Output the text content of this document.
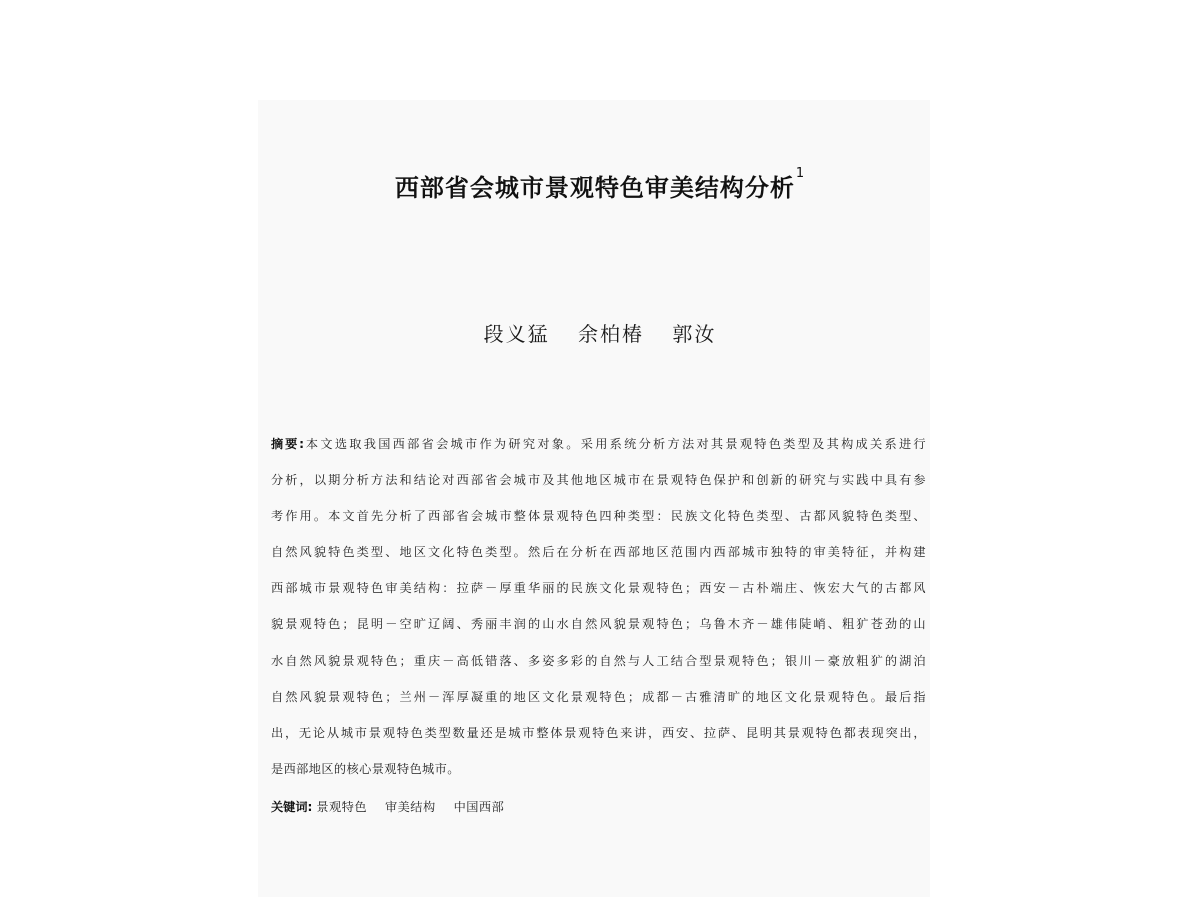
西部省会城市景观特色审美结构分析$^1$
段义猛 余柏椿 郭汝
摘要:本文选取我国西部省会城市作为研究对象。采用系统分析方法对其景观特色类型及其构成关系进行
分析，以期分析方法和结论对西部省会城市及其他地区城市在景观特色保护和创新的研究与实践中具有参
考作用。本文首先分析了西部省会城市整体景观特色四种类型：民族文化特色类型、古都风貌特色类型、
自然风貌特色类型、地区文化特色类型。然后在分析在西部地区范围内西部城市独特的审美特征，并构建
西部城市景观特色审美结构：拉萨－厚重华丽的民族文化景观特色；西安－古朴端庄、恢宏大气的古都风
貌景观特色；昆明－空旷辽阔、秀丽丰润的山水自然风貌景观特色；乌鲁木齐－雄伟陡峭、粗犷苍劲的山
水自然风貌景观特色；重庆－高低错落、多姿多彩的自然与人工结合型景观特色；银川－豪放粗犷的湖泊
自然风貌景观特色；兰州－浑厚凝重的地区文化景观特色；成都－古雅清旷的地区文化景观特色。最后指
出，无论从城市景观特色类型数量还是城市整体景观特色来讲，西安、拉萨、昆明其景观特色都表现突出，
是西部地区的核心景观特色城市。
关键词: 景观特色 审美结构 中国西部
